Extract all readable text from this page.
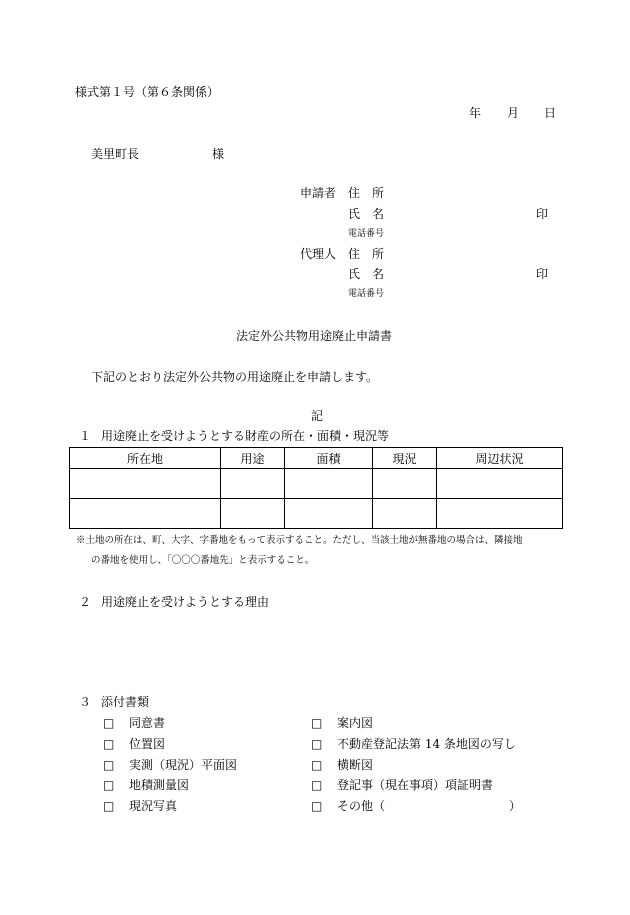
様式第１号（第６条関係）
年 月 日
美里町長	様
申請者 住　所
氏　名	印
電話番号
代理人 住　所
氏　名	印
電話番号
法定外公共物用途廃止申請書
下記のとおり法定外公共物の用途廃止を申請します。
記
１ 用途廃止を受けようとする財産の所在・面積・現況等
所在地	用途	面積	現況	周辺状況

※土地の所在は、町、大字、字番地をもって表示すること。ただし、当該土地が無番地の場合は、隣接地
の番地を使用し、「〇〇〇番地先」と表示すること。
２ 用途廃止を受けようとする理由
３ 添付書類
□ 同意書
□ 位置図
□ 実測（現況）平面図
□ 地積測量図
□ 現況写真
□ 案内図
□ 不動産登記法第 14 条地図の写し
□ 横断図
□ 登記事（現在事項）項証明書
□ その他（	）
